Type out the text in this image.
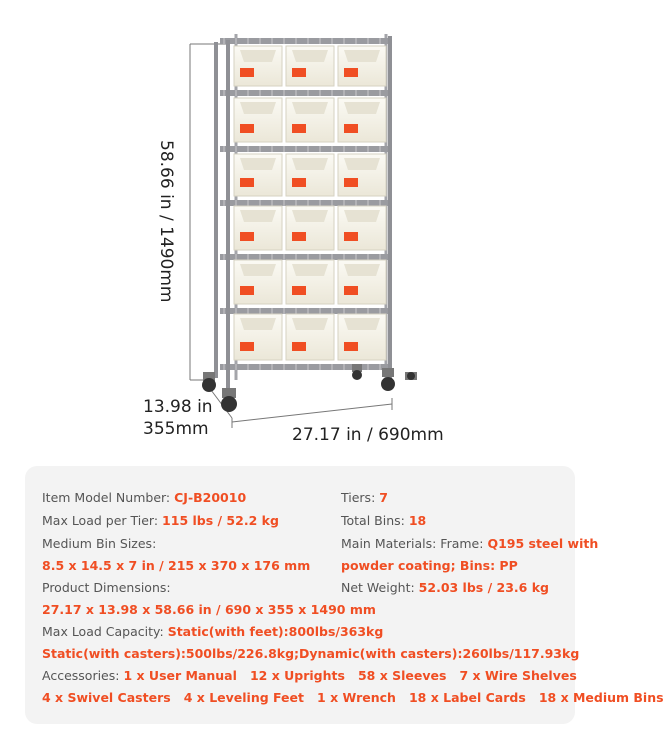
58.66 in / 1490mm
13.98 in
355mm	27.17 in / 690mm
Item Model Number: CJ-B20010
Max Load per Tier: 115 lbs / 52.2 kg
Medium Bin Sizes:
8.5 x 14.5 x 7 in / 215 x 370 x 176 mm
Product Dimensions:
27.17 x 13.98 x 58.66 in / 690 x 355 x 1490 mm
Max Load Capacity: Static(with feet):800lbs/363kg
Static(with casters):500lbs/226.8kg;Dynamic(with casters):260lbs/117.93kg
Accessories: 1 x User Manual   12 x Uprights   58 x Sleeves   7 x Wire Shelves
4 x Swivel Casters   4 x Leveling Feet   1 x Wrench   18 x Label Cards   18 x Medium Bins
Tiers: 7
Total Bins: 18
Main Materials: Frame: Q195 steel with
powder coating; Bins: PP
Net Weight: 52.03 lbs / 23.6 kg
